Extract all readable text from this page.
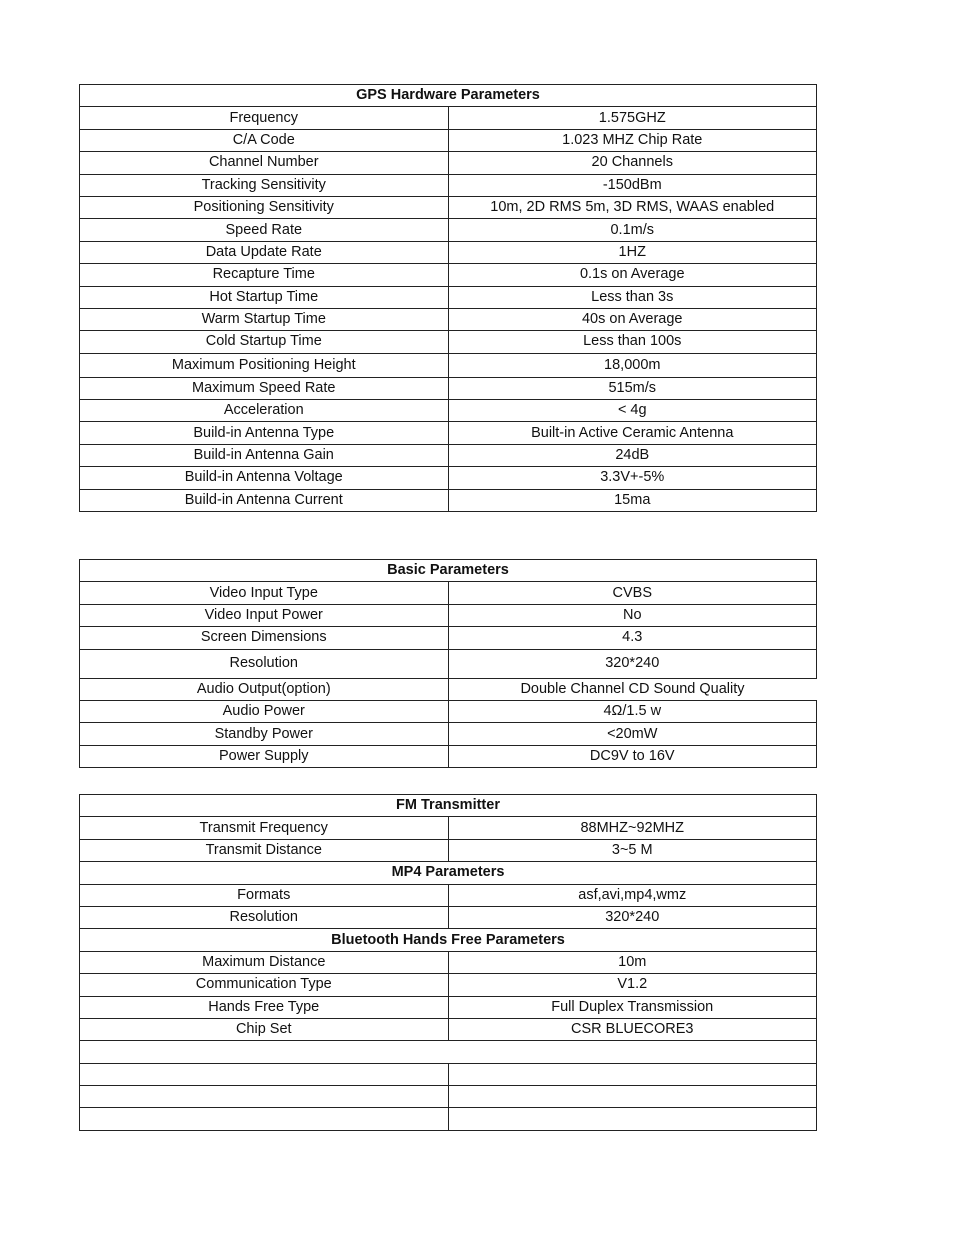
GPS Hardware Parameters	
Frequency	1.575GHZ
C/A Code	1.023 MHZ Chip Rate
Channel Number	20 Channels
Tracking Sensitivity	-150dBm
Positioning Sensitivity	10m, 2D RMS 5m, 3D RMS, WAAS enabled
Speed Rate	0.1m/s
Data Update Rate	1HZ
Recapture Time	0.1s on Average
Hot Startup Time	Less than 3s
Warm Startup Time	40s on Average
Cold Startup Time	Less than 100s
Maximum Positioning Height	18,000m
Maximum Speed Rate	515m/s
Acceleration	< 4g
Build-in Antenna Type	Built-in Active Ceramic Antenna
Build-in Antenna Gain	24dB
Build-in Antenna Voltage	3.3V+-5%
Build-in Antenna Current	15ma
Basic Parameters	
Video Input Type	CVBS
Video Input Power	No
Screen Dimensions	4.3
Resolution	320*240
Audio Output(option)	Double Channel CD Sound Quality
Audio Power	4Ω/1.5 w
Standby Power	<20mW
Power Supply	DC9V to 16V
FM Transmitter	
Transmit Frequency	88MHZ~92MHZ
Transmit Distance	3~5 M
MP4 Parameters	
Formats	asf,avi,mp4,wmz
Resolution	320*240
Bluetooth Hands Free Parameters	
Maximum Distance	10m
Communication Type	V1.2
Hands Free Type	Full Duplex Transmission
Chip Set	CSR BLUECORE3
